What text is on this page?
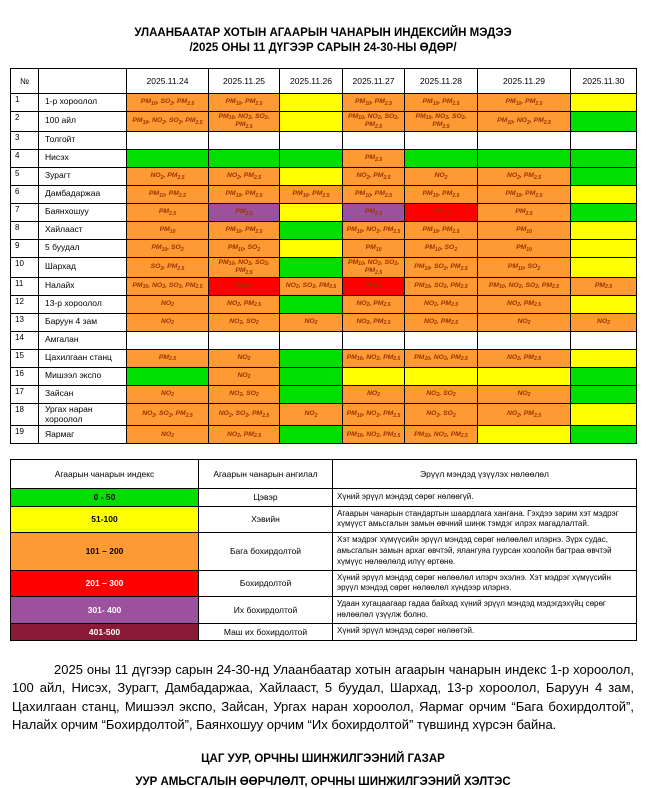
УЛААНБААТАР ХОТЫН АГААРЫН ЧАНАРЫН ИНДЕКСИЙН МЭДЭЭ
/2025 ОНЫ 11 ДҮГЭЭР САРЫН 24-30-НЫ ӨДӨР/
№		2025.11.24	2025.11.25	2025.11.26	2025.11.27	2025.11.28	2025.11.29	2025.11.30
1	1-р хороолол	$PM_{10}$, $SO_2$, $PM_{2.5}$	$PM_{10}$, $PM_{2.5}$		$PM_{10}$, $PM_{2.5}$	$PM_{10}$, $PM_{2.5}$	$PM_{10}$, $PM_{2.5}$	
2	100 айл	$PM_{10}$, $NO_2$, $SO_2$, $PM_{2.5}$	$PM_{10}$, $NO_2$, $SO_2$, $PM_{2.5}$		$PM_{10}$, $NO_2$, $SO_2$, $PM_{2.5}$	$PM_{10}$, $NO_2$, $SO_2$, $PM_{2.5}$	$PM_{10}$, $NO_2$, $PM_{2.5}$	
3	Толгойт							
4	Нисэх				$PM_{2.5}$			
5	Зурагт	$NO_2$, $PM_{2.5}$	$NO_2$, $PM_{2.5}$		$NO_2$, $PM_{2.5}$	$NO_2$	$NO_2$, $PM_{2.5}$	
6	Дамбадаржаа	$PM_{10}$, $PM_{2.5}$	$PM_{10}$, $PM_{2.5}$	$PM_{10}$, $PM_{2.5}$	$PM_{10}$, $PM_{2.5}$	$PM_{10}$, $PM_{2.5}$	$PM_{10}$, $PM_{2.5}$	
7	Баянхошуу	$PM_{2.5}$	$PM_{2.5}$		$PM_{2.5}$	$PM_{2.5}$	$PM_{2.5}$	
8	Хайлааст	$PM_{10}$	$PM_{10}$, $PM_{2.5}$		$PM_{10}$, $NO_2$, $PM_{2.5}$	$PM_{10}$, $PM_{2.5}$	$PM_{10}$	
9	5 буудал	$PM_{10}$, $SO_2$	$PM_{10}$, $SO_2$		$PM_{10}$	$PM_{10}$, $SO_2$	$PM_{10}$	
10	Шархад	$SO_2$, $PM_{2.5}$	$PM_{10}$, $NO_2$, $SO_2$, $PM_{2.5}$		$PM_{10}$, $NO_2$, $SO_2$, $PM_{2.5}$	$PM_{10}$, $SO_2$, $PM_{2.5}$	$PM_{10}$, $SO_2$	
11	Налайх	$PM_{10}$, $NO_2$, $SO_2$, $PM_{2.5}$	$PM_{2.5}$	$NO_2$, $SO_2$, $PM_{2.5}$	$PM_{2.5}$	$PM_{10}$, $SO_2$, $PM_{2.5}$	$PM_{10}$, $NO_2$, $SO_2$, $PM_{2.5}$	$PM_{2.5}$
12	13-р хороолол	$NO_2$	$NO_2$, $PM_{2.5}$		$NO_2$, $PM_{2.5}$	$NO_2$, $PM_{2.5}$	$NO_2$, $PM_{2.5}$	
13	Баруун 4 зам	$NO_2$	$NO_2$, $SO_2$	$NO_2$	$NO_2$, $PM_{2.5}$	$NO_2$, $PM_{2.5}$	$NO_2$	$NO_2$
14	Амгалан							
15	Цахилгаан станц	$PM_{2.5}$	$NO_2$		$PM_{10}$, $NO_2$, $PM_{2.5}$	$PM_{10}$, $NO_2$, $PM_{2.5}$	$NO_2$, $PM_{2.5}$	
16	Мишээл экспо		$NO_2$					
17	Зайсан	$NO_2$	$NO_2$, $SO_2$		$NO_2$	$NO_2$, $SO_2$	$NO_2$	
18	Ургах наран хороолол	$NO_2$, $SO_2$, $PM_{2.5}$	$NO_2$, $SO_2$, $PM_{2.5}$	$NO_2$	$PM_{10}$, $NO_2$, $PM_{2.5}$	$NO_2$, $SO_2$	$NO_2$, $PM_{2.5}$	
19	Яармаг	$NO_2$	$NO_2$, $PM_{2.5}$		$PM_{10}$, $NO_2$, $PM_{2.5}$	$PM_{10}$, $NO_2$, $PM_{2.5}$		
Агаарын чанарын индекс	Агаарын чанарын ангилал	Эрүүл мэндэд үзүүлэх нөлөөлөл
0 - 50	Цэвэр	Хүний эрүүл мэндэд сөрөг нөлөөгүй.
51-100	Хэвийн	Агаарын чанарын стандартын шаардлага хангана. Гэхдээ зарим хэт мэдрэг хүмүүст амьсгалын замын өвчний шинж тэмдэг илрэх магадлалтай.
101 – 200	Бага бохирдолтой	Хэт мэдрэг хүмүүсийн эрүүл мэндэд сөрөг нөлөөлөл илэрнэ. Зүрх судас, амьсгалын замын архаг өвчтэй, ялангуяа гуурсан хоолойн багтраа өвчтэй хүмүүс нөлөөлөлд илүү өртөнө.
201 – 300	Бохирдолтой	Хүний эрүүл мэндэд сөрөг нөлөөлөл илэрч эхэлнэ. Хэт мэдрэг хүмүүсийн эрүүл мэндэд сөрөг нөлөөлөл хүндээр илэрнэ.
301- 400	Их бохирдолтой	Удаан хугацаагаар гадаа байхад хүний эрүүл мэндэд мэдэгдэхүйц сөрөг нөлөөлөл үзүүлж болно.
401-500	Маш их бохирдолтой	Хүний эрүүл мэндэд сөрөг нөлөөтэй.

2025 оны 11 дүгээр сарын 24-30-нд Улаанбаатар хотын агаарын чанарын индекс 1-р хороолол, 100 айл, Нисэх, Зурагт, Дамбадаржаа, Хайлааст, 5 буудал, Шархад, 13-р хороолол, Баруун 4 зам, Цахилгаан станц, Мишээл экспо, Зайсан, Ургах наран хороолол, Яармаг орчим “Бага бохирдолтой”, Налайх орчим “Бохирдолтой”, Баянхошуу орчим “Их бохирдолтой” түвшинд хүрсэн байна.

ЦАГ УУР, ОРЧНЫ ШИНЖИЛГЭЭНИЙ ГАЗАР
УУР АМЬСГАЛЫН ӨӨРЧЛӨЛТ, ОРЧНЫ ШИНЖИЛГЭЭНИЙ ХЭЛТЭС
